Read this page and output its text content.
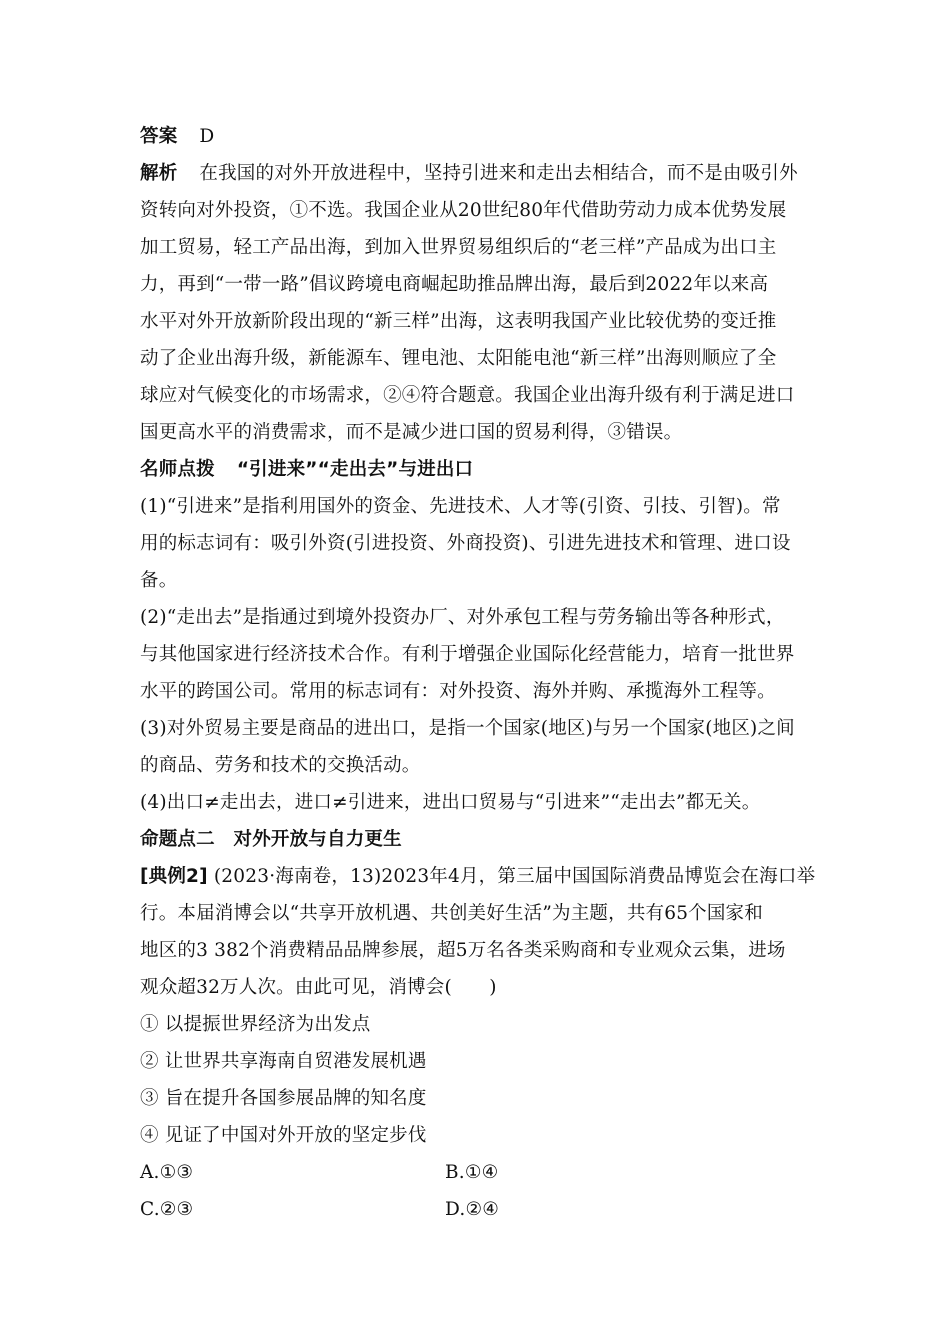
答案 D
解析 在我国的对外开放进程中，坚持引进来和走出去相结合，而不是由吸引外
资转向对外投资，①不选。我国企业从20世纪80年代借助劳动力成本优势发展
加工贸易，轻工产品出海，到加入世界贸易组织后的“老三样”产品成为出口主
力，再到“一带一路”倡议跨境电商崛起助推品牌出海，最后到2022年以来高
水平对外开放新阶段出现的“新三样”出海，这表明我国产业比较优势的变迁推
动了企业出海升级，新能源车、锂电池、太阳能电池“新三样”出海则顺应了全
球应对气候变化的市场需求，②④符合题意。我国企业出海升级有利于满足进口
国更高水平的消费需求，而不是减少进口国的贸易利得，③错误。
名师点拨 “引进来”“走出去”与进出口
(1)“引进来”是指利用国外的资金、先进技术、人才等(引资、引技、引智)。常
用的标志词有：吸引外资(引进投资、外商投资)、引进先进技术和管理、进口设
备。
(2)“走出去”是指通过到境外投资办厂、对外承包工程与劳务输出等各种形式，
与其他国家进行经济技术合作。有利于增强企业国际化经营能力，培育一批世界
水平的跨国公司。常用的标志词有：对外投资、海外并购、承揽海外工程等。
(3)对外贸易主要是商品的进出口，是指一个国家(地区)与另一个国家(地区)之间
的商品、劳务和技术的交换活动。
(4)出口≠走出去，进口≠引进来，进出口贸易与“引进来”“走出去”都无关。
命题点二　对外开放与自力更生
[典例2] (2023·海南卷，13)2023年4月，第三届中国国际消费品博览会在海口举
行。本届消博会以“共享开放机遇、共创美好生活”为主题，共有65个国家和
地区的3 382个消费精品品牌参展，超5万名各类采购商和专业观众云集，进场
观众超32万人次。由此可见，消博会(　　)
① 以提振世界经济为出发点
② 让世界共享海南自贸港发展机遇
③ 旨在提升各国参展品牌的知名度
④ 见证了中国对外开放的坚定步伐
A.①③	B.①④
C.②③	D.②④
